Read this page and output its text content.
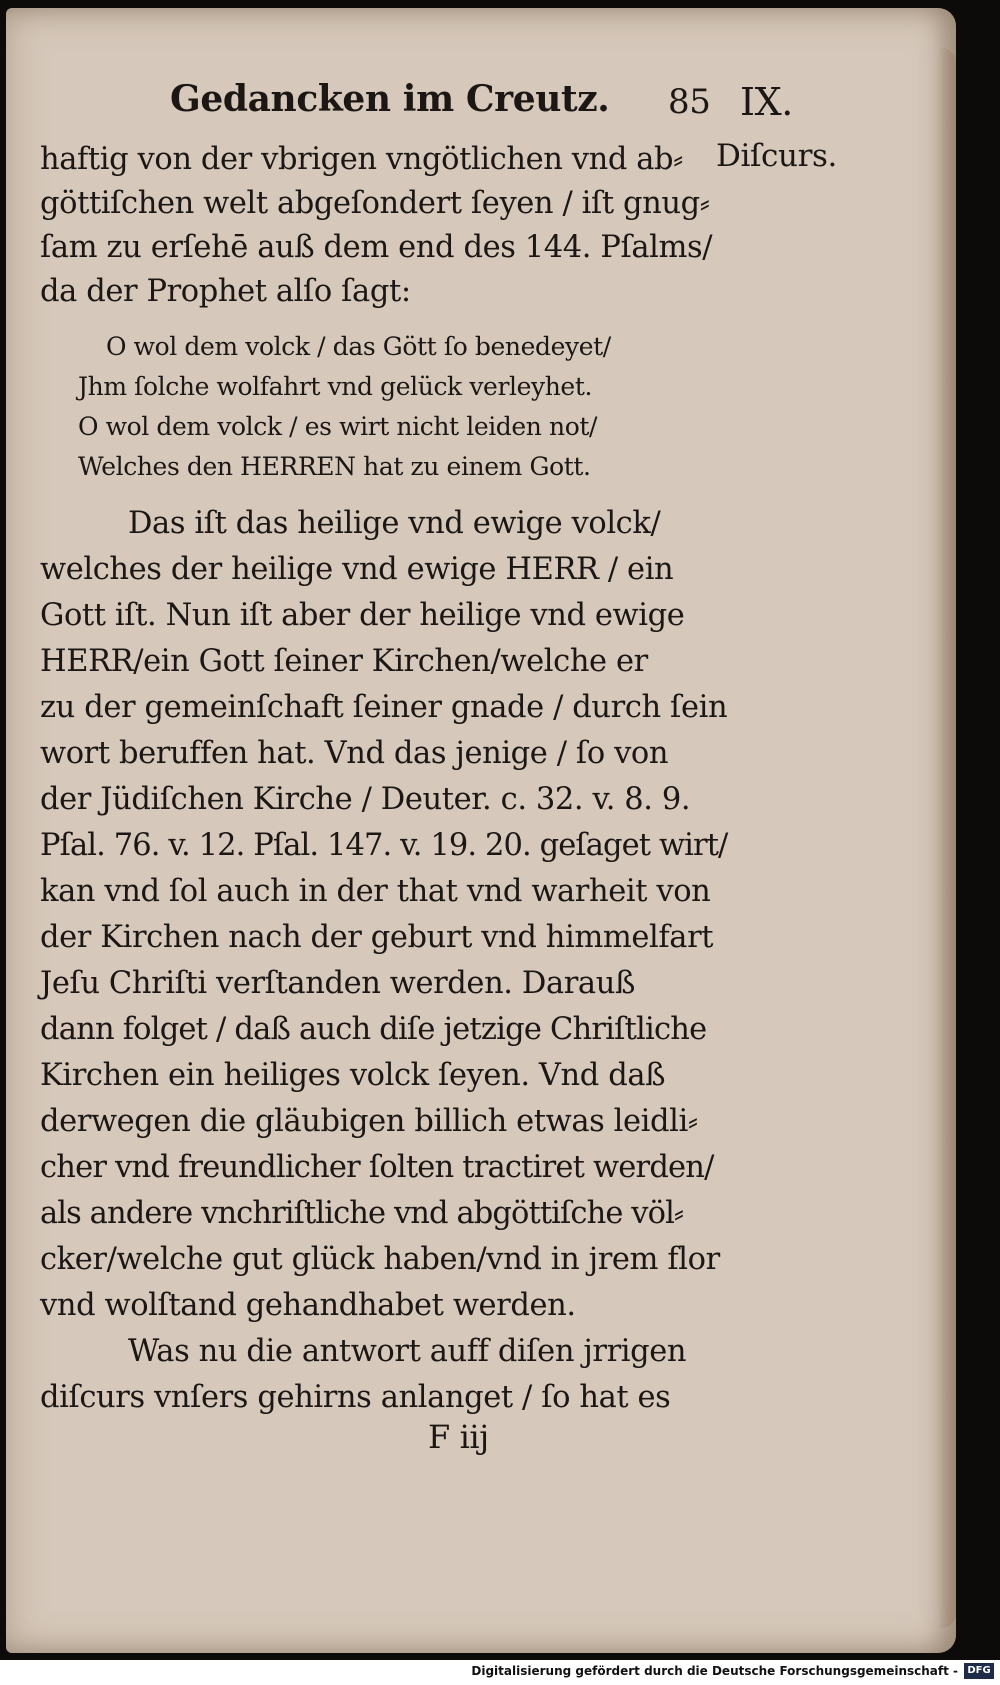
Gedancken im Creutz. 85 IX.
Diſcurs.
haftig von der vbrigen vngötlichen vnd ab⸗
göttiſchen welt abgeſondert ſeyen / iſt gnug⸗
ſam zu erſehē auß dem end des 144. Pſalms/
da der Prophet alſo ſagt:
O wol dem volck / das Gött ſo benedeyet/
Jhm ſolche wolfahrt vnd gelück verleyhet.
O wol dem volck / es wirt nicht leiden not/
Welches den HERREN hat zu einem Gott.
Das iſt das heilige vnd ewige volck/
welches der heilige vnd ewige HERR / ein
Gott iſt. Nun iſt aber der heilige vnd ewige
HERR/ein Gott ſeiner Kirchen/welche er
zu der gemeinſchaft ſeiner gnade / durch ſein
wort beruffen hat. Vnd das jenige / ſo von
der Jüdiſchen Kirche / Deuter. c. 32. v. 8. 9.
Pſal. 76. v. 12. Pſal. 147. v. 19. 20. geſaget wirt/
kan vnd ſol auch in der that vnd warheit von
der Kirchen nach der geburt vnd himmelfart
Jeſu Chriſti verſtanden werden. Darauß
dann folget / daß auch diſe jetzige Chriſtliche
Kirchen ein heiliges volck ſeyen. Vnd daß
derwegen die gläubigen billich etwas leidli⸗
cher vnd freundlicher ſolten tractiret werden/
als andere vnchriſtliche vnd abgöttiſche völ⸗
cker/welche gut glück haben/vnd in jrem flor
vnd wolſtand gehandhabet werden.
Was nu die antwort auff diſen jrrigen
diſcurs vnſers gehirns anlanget / ſo hat es
F iij
Digitalisierung gefördert durch die Deutsche Forschungsgemeinschaft - DFG
